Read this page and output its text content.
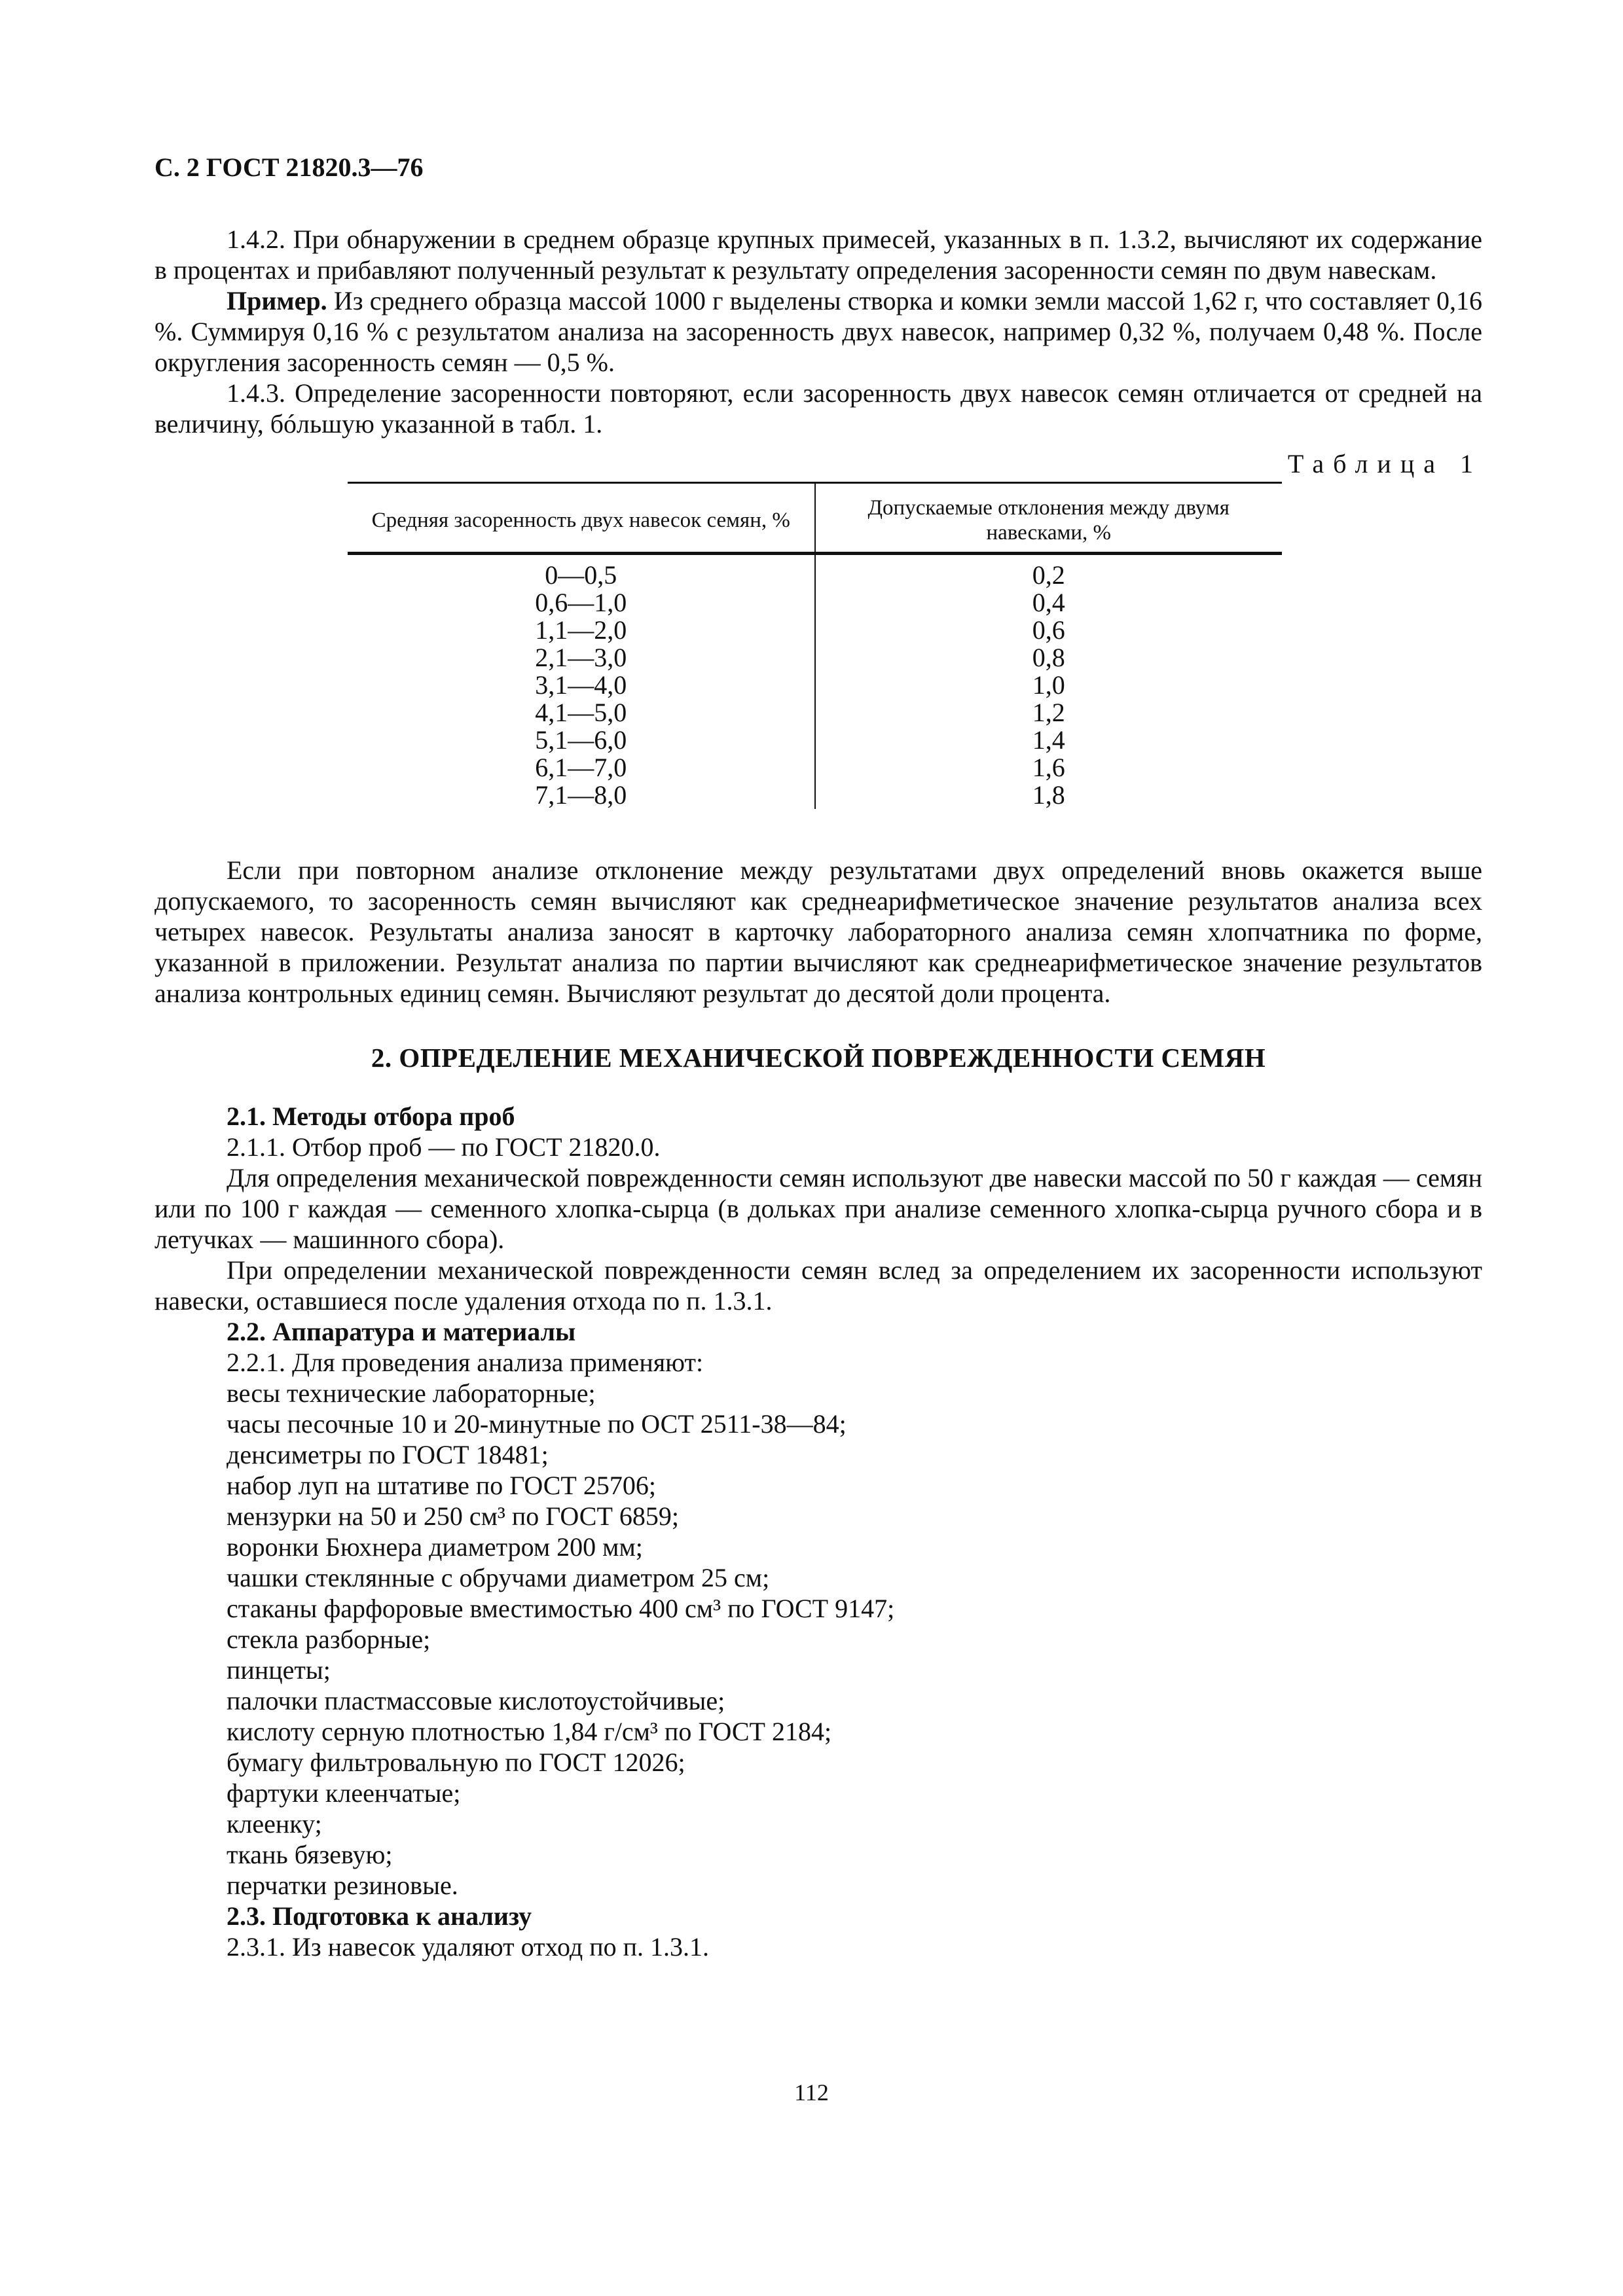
С. 2 ГОСТ 21820.3—76

1.4.2. При обнаружении в среднем образце крупных примесей, указанных в п. 1.3.2, вычисляют их содержание в процентах и прибавляют полученный результат к результату определения засоренности семян по двум навескам.

Пример. Из среднего образца массой 1000 г выделены створка и комки земли массой 1,62 г, что составляет 0,16 %. Суммируя 0,16 % с результатом анализа на засоренность двух навесок, например 0,32 %, получаем 0,48 %. После округления засоренность семян — 0,5 %.

1.4.3. Определение засоренности повторяют, если засоренность двух навесок семян отличается от средней на величину, бóльшую указанной в табл. 1.

Таблица 1
Средняя засоренность двух навесок семян, %	Допускаемые отклонения между двумя навесками, %
0—0,5	0,2
0,6—1,0	0,4
1,1—2,0	0,6
2,1—3,0	0,8
3,1—4,0	1,0
4,1—5,0	1,2
5,1—6,0	1,4
6,1—7,0	1,6
7,1—8,0	1,8

Если при повторном анализе отклонение между результатами двух определений вновь окажется выше допускаемого, то засоренность семян вычисляют как среднеарифметическое значение результатов анализа всех четырех навесок. Результаты анализа заносят в карточку лабораторного анализа семян хлопчатника по форме, указанной в приложении. Результат анализа по партии вычисляют как среднеарифметическое значение результатов анализа контрольных единиц семян. Вычисляют результат до десятой доли процента.

2. ОПРЕДЕЛЕНИЕ МЕХАНИЧЕСКОЙ ПОВРЕЖДЕННОСТИ СЕМЯН

2.1. Методы отбора проб

2.1.1. Отбор проб — по ГОСТ 21820.0.

Для определения механической поврежденности семян используют две навески массой по 50 г каждая — семян или по 100 г каждая — семенного хлопка-сырца (в дольках при анализе семенного хлопка-сырца ручного сбора и в летучках — машинного сбора).

При определении механической поврежденности семян вслед за определением их засоренности используют навески, оставшиеся после удаления отхода по п. 1.3.1.

2.2. Аппаратура и материалы

2.2.1. Для проведения анализа применяют:

весы технические лабораторные;

часы песочные 10 и 20-минутные по ОСТ 2511-38—84;

денсиметры по ГОСТ 18481;

набор луп на штативе по ГОСТ 25706;

мензурки на 50 и 250 см³ по ГОСТ 6859;

воронки Бюхнера диаметром 200 мм;

чашки стеклянные с обручами диаметром 25 см;

стаканы фарфоровые вместимостью 400 см³ по ГОСТ 9147;

стекла разборные;

пинцеты;

палочки пластмассовые кислотоустойчивые;

кислоту серную плотностью 1,84 г/см³ по ГОСТ 2184;

бумагу фильтровальную по ГОСТ 12026;

фартуки клеенчатые;

клеенку;

ткань бязевую;

перчатки резиновые.

2.3. Подготовка к анализу

2.3.1. Из навесок удаляют отход по п. 1.3.1.

112
